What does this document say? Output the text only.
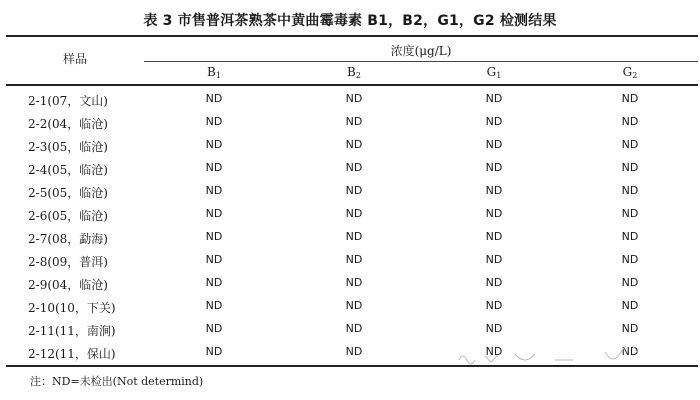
表 3 市售普洱茶熟茶中黄曲霉毒素 B1，B2，G1，G2 检测结果
样品
浓度(μg/L)
$B_1$	$B_2$	$G_1$	$G_2$
2-1(07，文山)	ND	ND	ND	ND
2-2(04，临沧)	ND	ND	ND	ND
2-3(05，临沧)	ND	ND	ND	ND
2-4(05，临沧)	ND	ND	ND	ND
2-5(05，临沧)	ND	ND	ND	ND
2-6(05，临沧)	ND	ND	ND	ND
2-7(08，勐海)	ND	ND	ND	ND
2-8(09，普洱)	ND	ND	ND	ND
2-9(04，临沧)	ND	ND	ND	ND
2-10(10，下关)	ND	ND	ND	ND
2-11(11，南涧)	ND	ND	ND	ND
2-12(11，保山)	ND	ND	ND	ND
注：ND=未检出(Not determind)
